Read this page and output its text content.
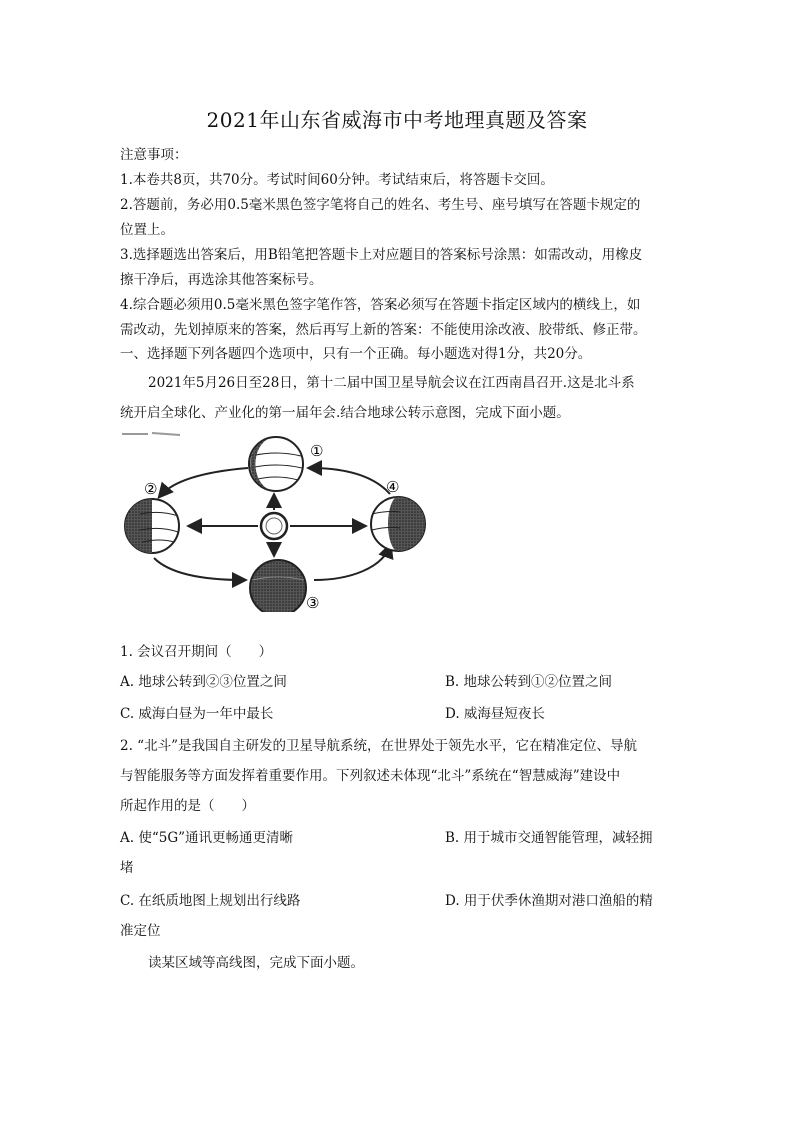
2021年山东省威海市中考地理真题及答案
注意事项：
1.本卷共8页，共70分。考试时间60分钟。考试结束后，将答题卡交回。
2.答题前，务必用0.5毫米黑色签字笔将自己的姓名、考生号、座号填写在答题卡规定的
位置上。
3.选择题选出答案后，用B铅笔把答题卡上对应题目的答案标号涂黑：如需改动，用橡皮
擦干净后，再选涂其他答案标号。
4.综合题必须用0.5毫米黑色签字笔作答，答案必须写在答题卡指定区域内的横线上，如
需改动，先划掉原来的答案，然后再写上新的答案：不能使用涂改液、胶带纸、修正带。
一、选择题下列各题四个选项中，只有一个正确。每小题选对得1分，共20分。
2021年5月26日至28日，第十二届中国卫星导航会议在江西南昌召开.这是北斗系
统开启全球化、产业化的第一届年会.结合地球公转示意图，完成下面小题。
①
②
③
④
1. 会议召开期间（　　）
A. 地球公转到②③位置之间	B. 地球公转到①②位置之间
C. 威海白昼为一年中最长	D. 威海昼短夜长
2. “北斗”是我国自主研发的卫星导航系统，在世界处于领先水平，它在精准定位、导航
与智能服务等方面发挥着重要作用。下列叙述未体现“北斗”系统在“智慧威海”建设中
所起作用的是（　　）
A. 使“5G”通讯更畅通更清晰	B. 用于城市交通智能管理，减轻拥
堵
C. 在纸质地图上规划出行线路	D. 用于伏季休渔期对港口渔船的精
准定位
读某区域等高线图，完成下面小题。
